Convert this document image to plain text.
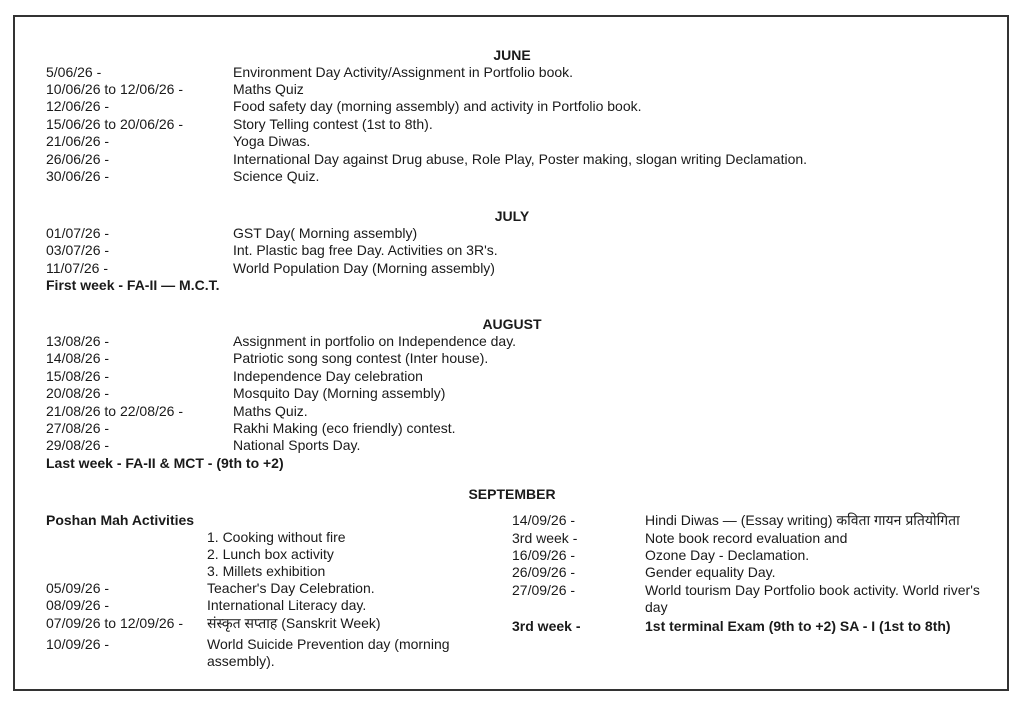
JUNE
5/06/26 -	Environment Day Activity/Assignment in Portfolio book.
10/06/26 to 12/06/26 -	Maths Quiz
12/06/26 -	Food safety day (morning assembly) and activity in Portfolio book.
15/06/26 to 20/06/26 -	Story Telling contest (1st to 8th).
21/06/26 -	Yoga Diwas.
26/06/26 -	International Day against Drug abuse, Role Play, Poster making, slogan writing Declamation.
30/06/26 -	Science Quiz.
JULY
01/07/26 -	GST Day( Morning assembly)
03/07/26 -	Int. Plastic bag free Day. Activities on 3R's.
11/07/26 -	World Population Day (Morning assembly)
First week - FA-II — M.C.T.
AUGUST
13/08/26 -	Assignment in portfolio on Independence day.
14/08/26 -	Patriotic song song contest (Inter house).
15/08/26 -	Independence Day celebration
20/08/26 -	Mosquito Day (Morning assembly)
21/08/26 to 22/08/26 -	Maths Quiz.
27/08/26 -	Rakhi Making (eco friendly) contest.
29/08/26 -	National Sports Day.
Last week - FA-II & MCT - (9th to +2)
SEPTEMBER
Poshan Mah Activities
1. Cooking without fire
2. Lunch box activity
3. Millets exhibition
05/09/26 -	Teacher's Day Celebration.
08/09/26 -	International Literacy day.
07/09/26 to 12/09/26 - संस्कृत सप्ताह (Sanskrit Week)
10/09/26 -	World Suicide Prevention day (morning assembly).
14/09/26 -	Hindi Diwas — (Essay writing) कविता गायन प्रतियोगिता
3rd week -	Note book record evaluation and
16/09/26 -	Ozone Day - Declamation.
26/09/26 -	Gender equality Day.
27/09/26 -	World tourism Day Portfolio book activity. World river's day
3rd week -	1st terminal Exam (9th to +2) SA - I (1st to 8th)
